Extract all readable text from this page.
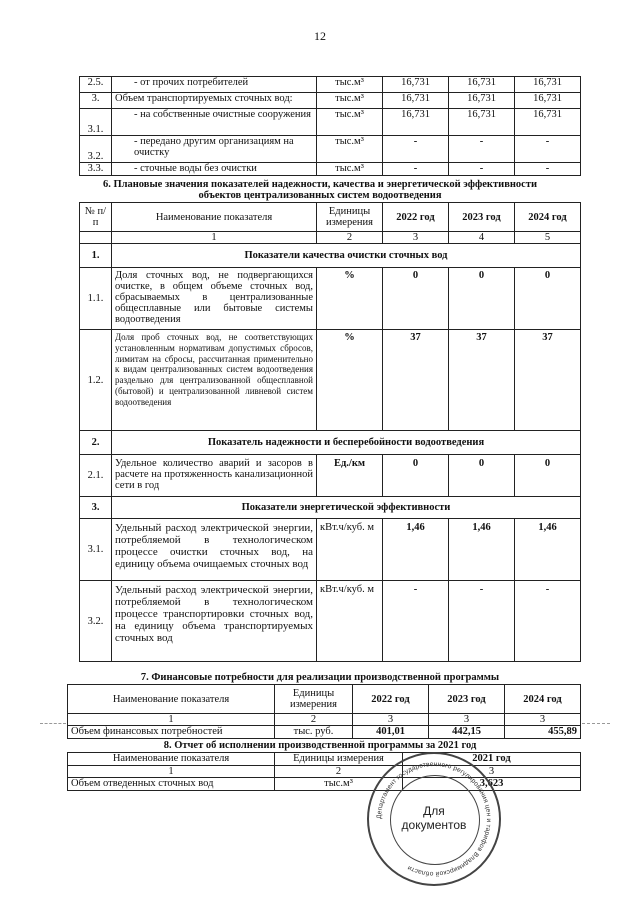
12
2.5.	- от прочих потребителей	тыс.м³	16,731	16,731	16,731
3.	Объем транспортируемых сточных вод:	тыс.м³	16,731	16,731	16,731
3.1.	- на собственные очистные сооружения	тыс.м³	16,731	16,731	16,731
3.2.	- передано другим организациям на очистку	тыс.м³	-	-	-
3.3.	- сточные воды без очистки	тыс.м³	-	-	-
6. Плановые значения показателей надежности, качества и энергетической эффективности
объектов централизованных систем водоотведения
№ п/п	Наименование показателя	Единицы измерения	2022 год	2023 год	2024 год
	1	2	3	4	5
1.	Показатели качества очистки сточных вод				
1.1.	Доля сточных вод, не подвергающихся очистке, в общем объеме сточных вод, сбрасываемых в централизованные общесплавные или бытовые системы водоотведения	%	0	0	0
1.2.	Доля проб сточных вод, не соответствующих установленным нормативам допустимых сбросов, лимитам на сбросы, рассчитанная применительно к видам централизованных систем водоотведения раздельно для централизованной общесплавной (бытовой) и централизованной ливневой систем водоотведения	%	37	37	37
2.	Показатель надежности и бесперебойности водоотведения				
2.1.	Удельное количество аварий и засоров в расчете на протяженность канализационной сети в год	Ед./км	0	0	0
3.	Показатели энергетической эффективности				
3.1.	Удельный расход электрической энергии, потребляемой в технологическом процессе очистки сточных вод, на единицу объема очищаемых сточных вод	кВт.ч/куб. м	1,46	1,46	1,46
3.2.	Удельный расход электрической энергии, потребляемой в технологическом процессе транспортировки сточных вод, на единицу объема транспортируемых сточных вод	кВт.ч/куб. м	-	-	-
7. Финансовые потребности для реализации производственной программы
Наименование показателя	Единицы измерения	2022 год	2023 год	2024 год
1	2	3	3	3
Объем финансовых потребностей	тыс. руб.	401,01	442,15	455,89
8. Отчет об исполнении производственной программы за 2021 год
Наименование показателя	Единицы измерения	2021 год
1	2	3
Объем отведенных сточных вод	тыс.м³	3,623
Департамент государственного регулирования цен и тарифов Владимирской области
Для
документов
